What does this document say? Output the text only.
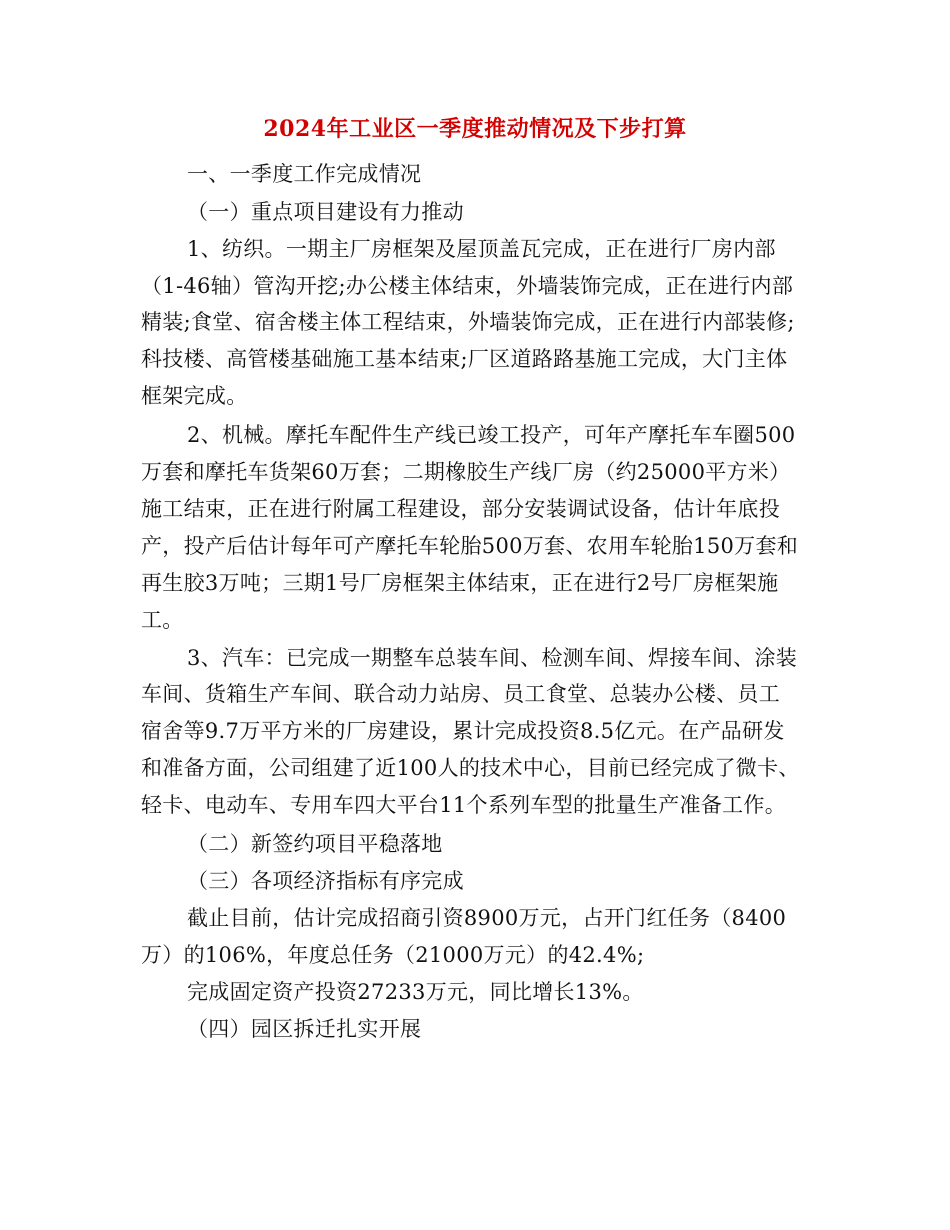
2024年工业区一季度推动情况及下步打算
一、一季度工作完成情况
（一）重点项目建设有力推动
1、纺织。一期主厂房框架及屋顶盖瓦完成，正在进行厂房内部
（1-46轴）管沟开挖;办公楼主体结束，外墙装饰完成，正在进行内部
精装;食堂、宿舍楼主体工程结束，外墙装饰完成，正在进行内部装修;
科技楼、高管楼基础施工基本结束;厂区道路路基施工完成，大门主体
框架完成。
2、机械。摩托车配件生产线已竣工投产，可年产摩托车车圈500
万套和摩托车货架60万套；二期橡胶生产线厂房（约25000平方米）
施工结束，正在进行附属工程建设，部分安装调试设备，估计年底投
产，投产后估计每年可产摩托车轮胎500万套、农用车轮胎150万套和
再生胶3万吨；三期1号厂房框架主体结束，正在进行2号厂房框架施
工。
3、汽车：已完成一期整车总装车间、检测车间、焊接车间、涂装
车间、货箱生产车间、联合动力站房、员工食堂、总装办公楼、员工
宿舍等9.7万平方米的厂房建设，累计完成投资8.5亿元。在产品研发
和准备方面，公司组建了近100人的技术中心，目前已经完成了微卡、
轻卡、电动车、专用车四大平台11个系列车型的批量生产准备工作。
（二）新签约项目平稳落地
（三）各项经济指标有序完成
截止目前，估计完成招商引资8900万元，占开门红任务（8400
万）的106%，年度总任务（21000万元）的42.4%;
完成固定资产投资27233万元，同比增长13%。
（四）园区拆迁扎实开展
